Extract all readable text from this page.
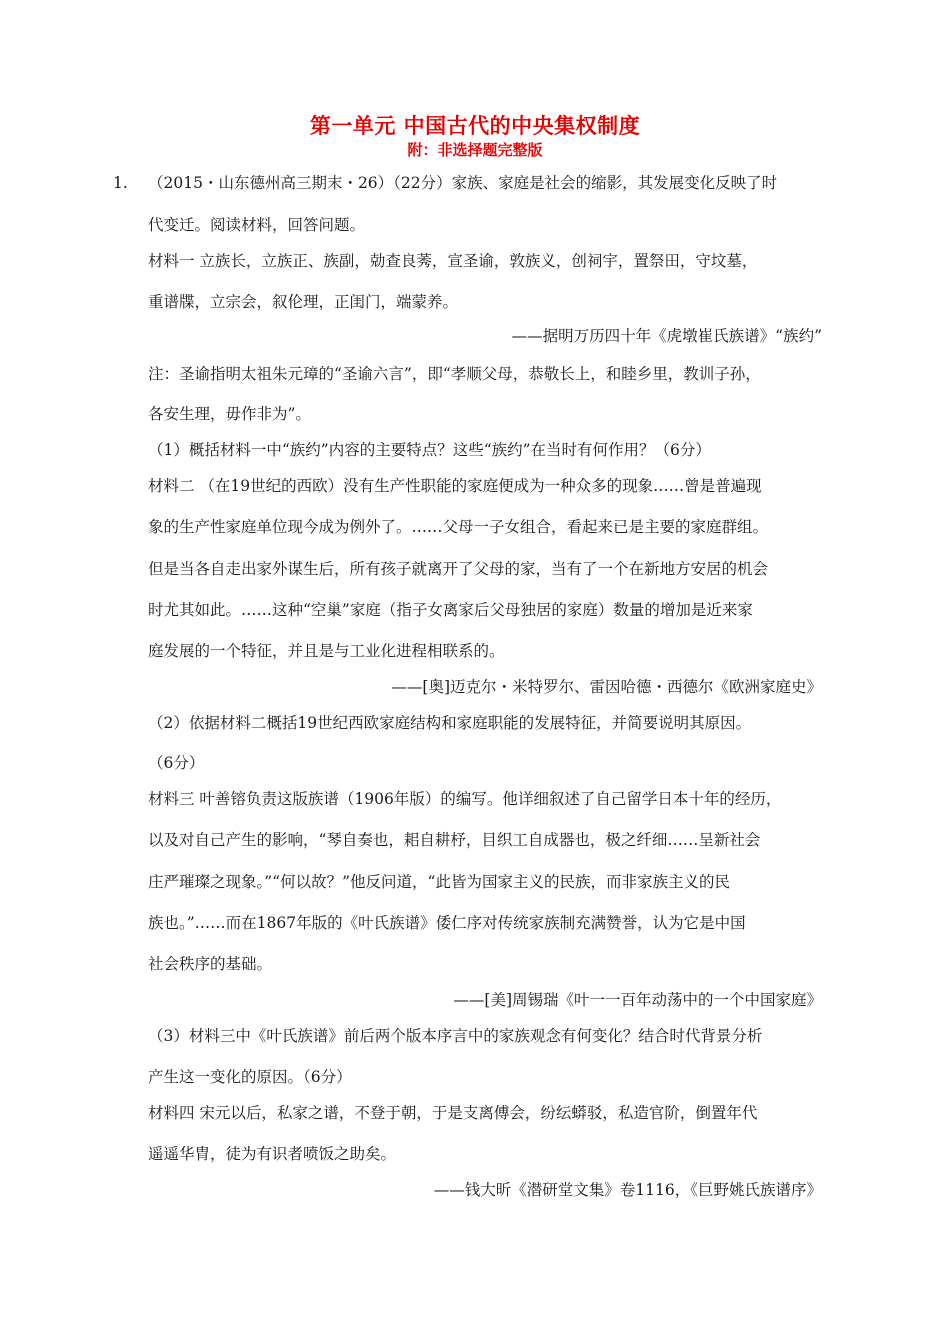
第一单元 中国古代的中央集权制度
附：非选择题完整版
1. （2015・山东德州高三期末・26）（22分）家族、家庭是社会的缩影，其发展变化反映了时
代变迁。阅读材料，回答问题。
材料一 立族长，立族正、族副，勀查良莠，宣圣谕，敦族义，创祠宇，置祭田，守坟墓，
重谱牒，立宗会，叙伦理，正闺门，端蒙养。
——据明万历四十年《虎墩崔氏族谱》“族约”
注：圣谕指明太祖朱元璋的“圣谕六言”，即“孝顺父母，恭敬长上，和睦乡里，教训子孙，
各安生理，毋作非为”。
（1）概括材料一中“族约”内容的主要特点？这些“族约”在当时有何作用？（6分）
材料二 （在19世纪的西欧）没有生产性职能的家庭便成为一种众多的现象……曾是普遍现
象的生产性家庭单位现今成为例外了。……父母一子女组合，看起来已是主要的家庭群组。
但是当各自走出家外谋生后，所有孩子就离开了父母的家，当有了一个在新地方安居的机会
时尤其如此。……这种“空巢”家庭（指子女离家后父母独居的家庭）数量的增加是近来家
庭发展的一个特征，并且是与工业化进程相联系的。
——[奥]迈克尔・米特罗尔、雷因哈德・西德尔《欧洲家庭史》
（2）依据材料二概括19世纪西欧家庭结构和家庭职能的发展特征，并简要说明其原因。
（6分）
材料三 叶善镕负责这版族谱（1906年版）的编写。他详细叙述了自己留学日本十年的经历，
以及对自己产生的影响，“琴自奏也，耜自耕杼，目织工自成器也，极之纤细……呈新社会
庄严璀璨之现象。”“何以故？”他反问道，“此皆为国家主义的民族，而非家族主义的民
族也。”……而在1867年版的《叶氏族谱》倭仁序对传统家族制充满赞誉，认为它是中国
社会秩序的基础。
——[美]周锡瑞《叶一一百年动荡中的一个中国家庭》
（3）材料三中《叶氏族谱》前后两个版本序言中的家族观念有何变化？结合时代背景分析
产生这一变化的原因。（6分）
材料四 宋元以后，私家之谱，不登于朝，于是支离傅会，纷纭蟒驳，私造官阶，倒置年代
遥遥华胄，徒为有识者喷饭之助矣。
——钱大昕《潜研堂文集》卷1116，《巨野姚氏族谱序》
